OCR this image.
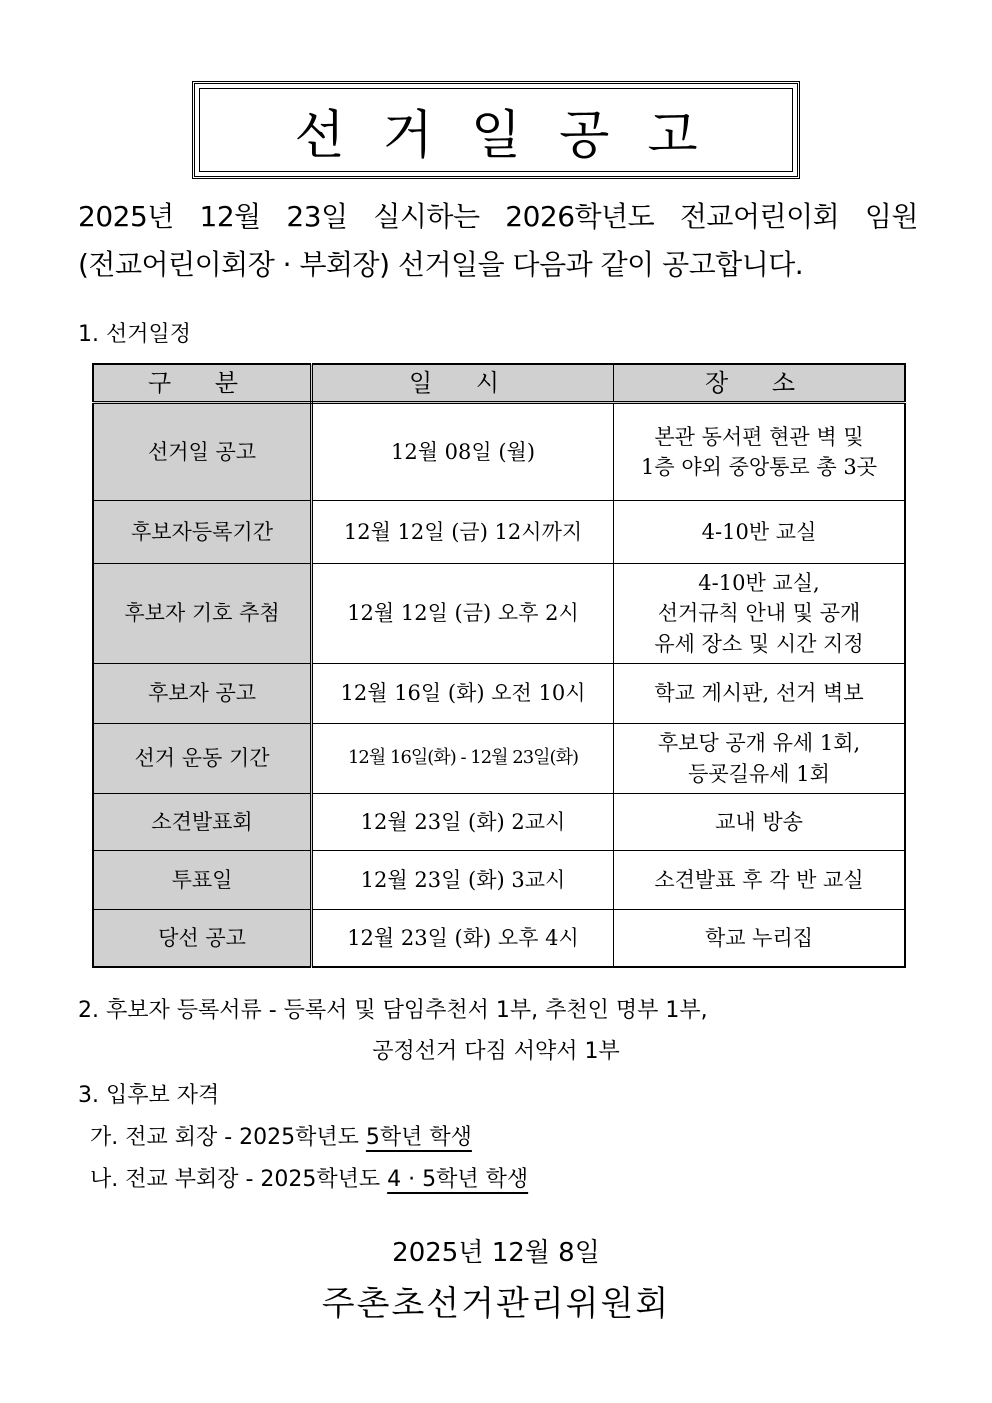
선거일공고
2025년 12월 23일 실시하는 2026학년도 전교어린이회 임원
(전교어린이회장 · 부회장) 선거일을 다음과 같이 공고합니다.
1. 선거일정
구 분	일 시	장 소
선거일 공고	12월 08일 (월)	본관 동서편 현관 벽 및
1층 야외 중앙통로 총 3곳

후보자등록기간	12월 12일 (금) 12시까지	4-10반 교실

후보자 기호 추첨	12월 12일 (금) 오후 2시	4-10반 교실,
선거규칙 안내 및 공개
유세 장소 및 시간 지정

후보자 공고	12월 16일 (화) 오전 10시	학교 게시판, 선거 벽보

선거 운동 기간	12월 16일(화) - 12월 23일(화)	후보당 공개 유세 1회,
등굣길유세 1회

소견발표회	12월 23일 (화) 2교시	교내 방송

투표일	12월 23일 (화) 3교시	소견발표 후 각 반 교실

당선 공고	12월 23일 (화) 오후 4시	학교 누리집
2. 후보자 등록서류 - 등록서 및 담임추천서 1부, 추천인 명부 1부,
공정선거 다짐 서약서 1부
3. 입후보 자격
가. 전교 회장 - 2025학년도 5학년 학생
나. 전교 부회장 - 2025학년도 4 · 5학년 학생
2025년 12월 8일
주촌초선거관리위원회
